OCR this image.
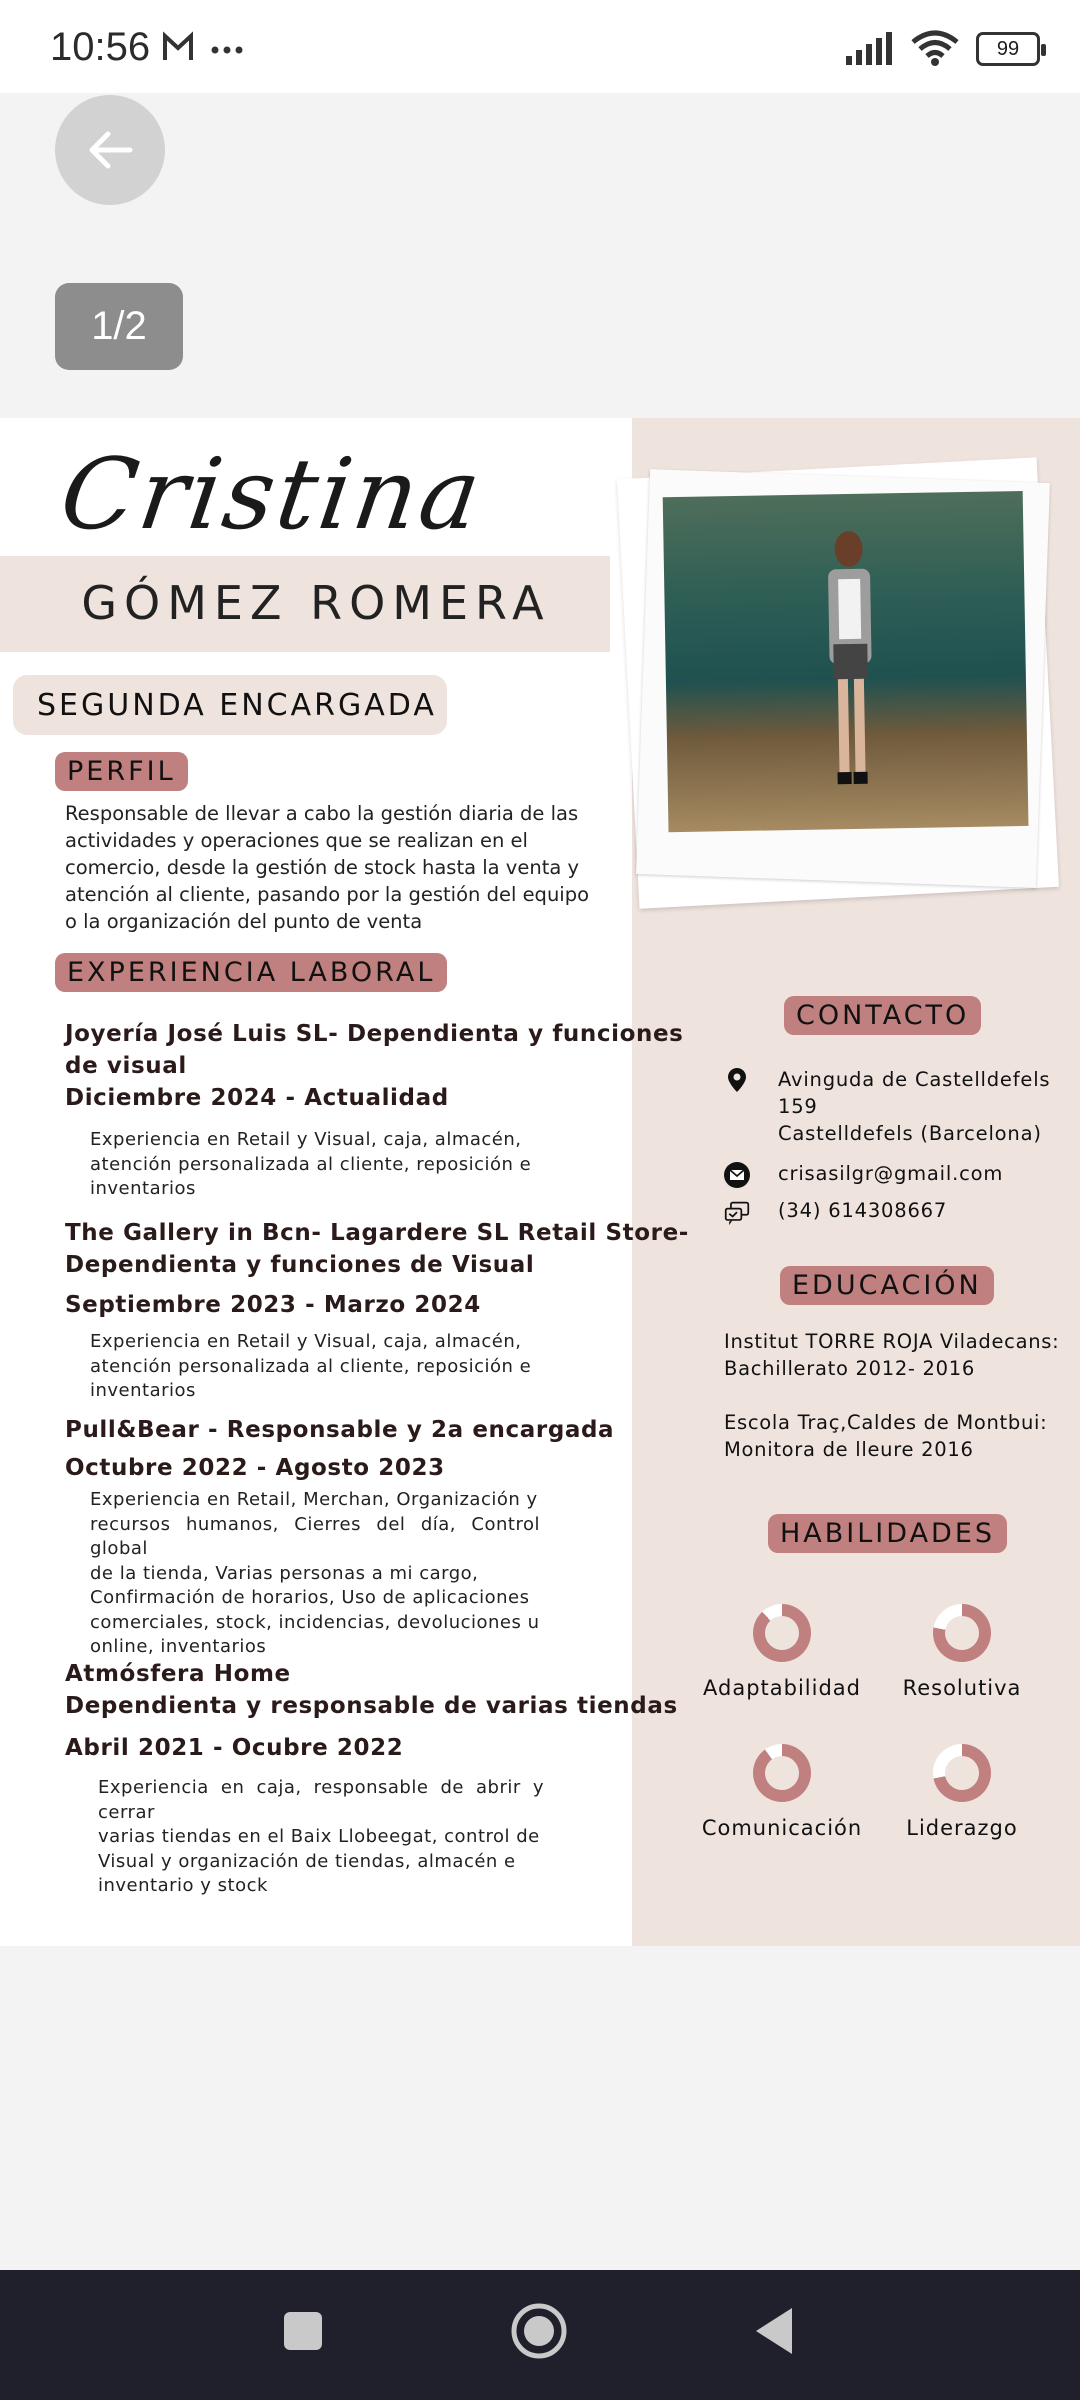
10:56	99
1/2
Cristina
GÓMEZ ROMERA
SEGUNDA ENCARGADA
PERFIL
Responsable de llevar a cabo la gestión diaria de las
actividades y operaciones que se realizan en el
comercio, desde la gestión de stock hasta la venta y
atención al cliente, pasando por la gestión del equipo
o la organización del punto de venta
EXPERIENCIA LABORAL
Joyería José Luis SL- Dependienta y funciones
de visual
Diciembre 2024 - Actualidad
Experiencia en Retail y Visual, caja, almacén,
atención personalizada al cliente, reposición e
inventarios
The Gallery in Bcn- Lagardere SL Retail Store-
Dependienta y funciones de Visual
Septiembre 2023 - Marzo 2024
Experiencia en Retail y Visual, caja, almacén,
atención personalizada al cliente, reposición e
inventarios
Pull&Bear - Responsable y 2a encargada
Octubre 2022 - Agosto 2023
Experiencia en Retail, Merchan, Organización y
recursos humanos, Cierres del día, Control global
de la tienda, Varias personas a mi cargo,
Confirmación de horarios, Uso de aplicaciones
comerciales, stock, incidencias, devoluciones u
online, inventarios
Atmósfera Home
Dependienta y responsable de varias tiendas
Abril 2021 - Ocubre 2022
Experiencia en caja, responsable de abrir y cerrar
varias tiendas en el Baix Llobeegat, control de
Visual y organización de tiendas, almacén e
inventario y stock
CONTACTO
Avinguda de Castelldefels
159
Castelldefels (Barcelona)
crisasilgr@gmail.com
(34) 614308667
EDUCACIÓN
Institut TORRE ROJA Viladecans:
Bachillerato 2012- 2016
Escola Traç,Caldes de Montbui:
Monitora de lleure 2016
HABILIDADES
Adaptabilidad	Resolutiva
Comunicación	Liderazgo
